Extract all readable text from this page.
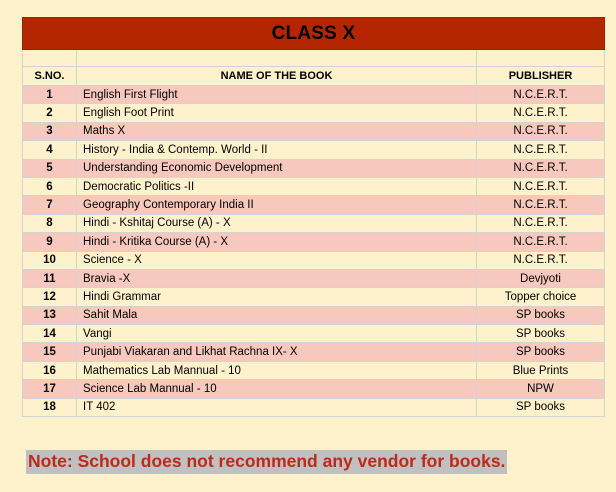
CLASS X		

S.NO.	NAME OF THE BOOK	PUBLISHER
1	English First Flight	N.C.E.R.T.
2	English Foot Print	N.C.E.R.T.
3	Maths X	N.C.E.R.T.
4	History - India & Contemp. World - II	N.C.E.R.T.
5	Understanding Economic Development	N.C.E.R.T.
6	Democratic Politics -II	N.C.E.R.T.
7	Geography Contemporary India II	N.C.E.R.T.
8	Hindi - Kshitaj Course (A) - X	N.C.E.R.T.
9	Hindi - Kritika Course (A) - X	N.C.E.R.T.
10	Science - X	N.C.E.R.T.
11	Bravia -X	Devjyoti
12	Hindi Grammar	Topper choice
13	Sahit Mala	SP books
14	Vangi	SP books
15	Punjabi Viakaran and Likhat Rachna IX- X	SP books
16	Mathematics Lab Mannual - 10	Blue Prints
17	Science Lab Mannual - 10	NPW
18	IT 402	SP books
Note: School does not recommend any vendor for books.
